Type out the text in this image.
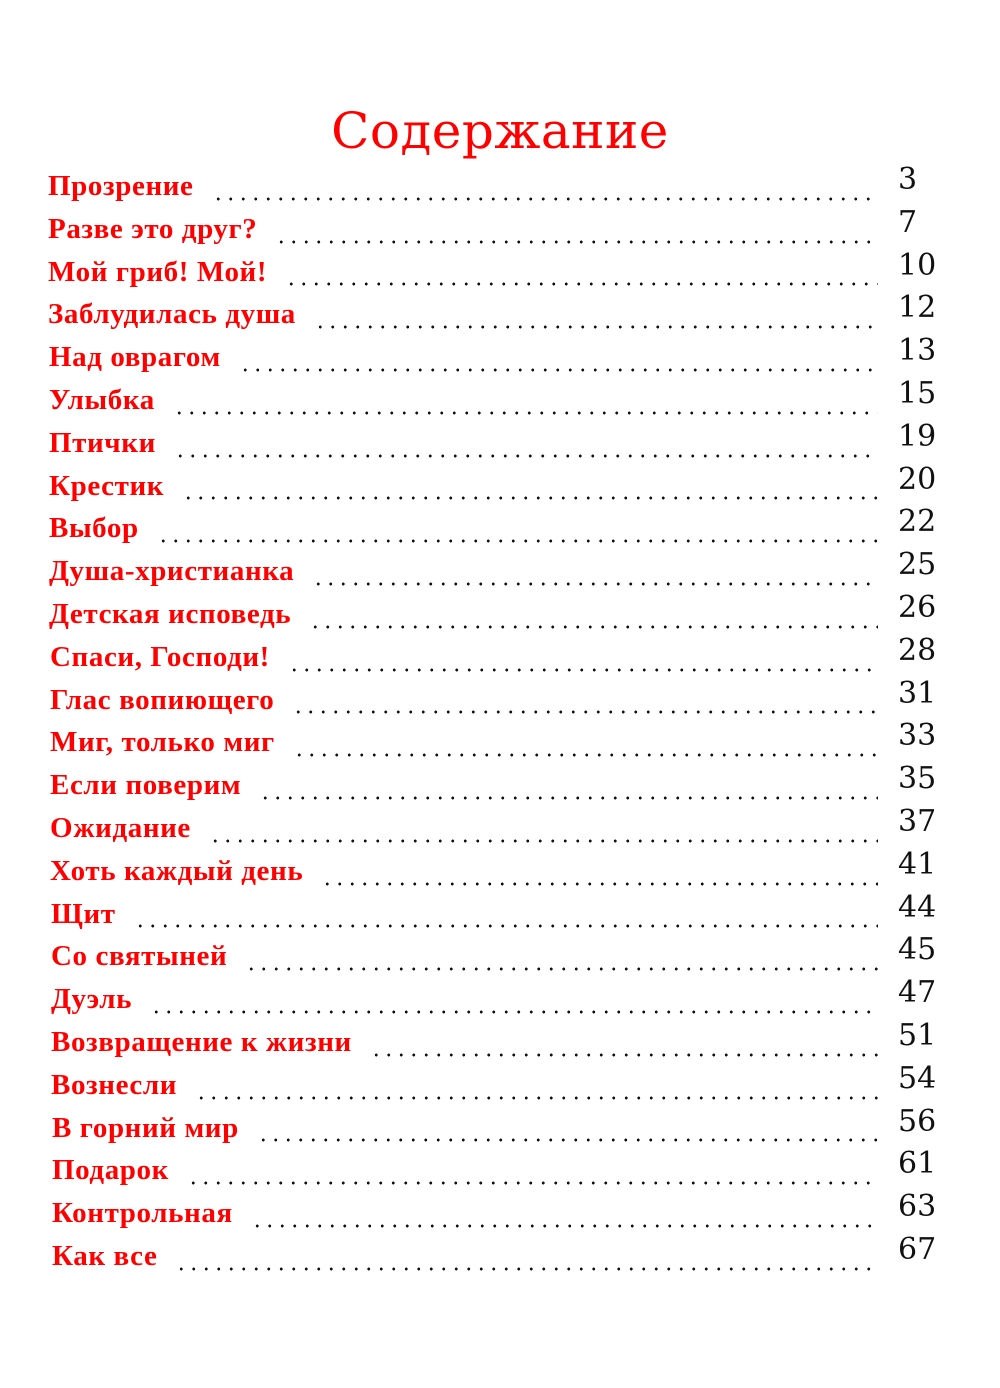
Содержание
Прозрение	3
Разве это друг?	7
Мой гриб! Мой!	10
Заблудилась душа	12
Над оврагом	13
Улыбка	15
Птички	19
Крестик	20
Выбор	22
Душа-христианка	25
Детская исповедь	26
Спаси, Господи!	28
Глас вопиющего	31
Миг, только миг	33
Если поверим	35
Ожидание	37
Хоть каждый день	41
Щит	44
Со святыней	45
Дуэль	47
Возвращение к жизни	51
Вознесли	54
В горний мир	56
Подарок	61
Контрольная	63
Как все	67
